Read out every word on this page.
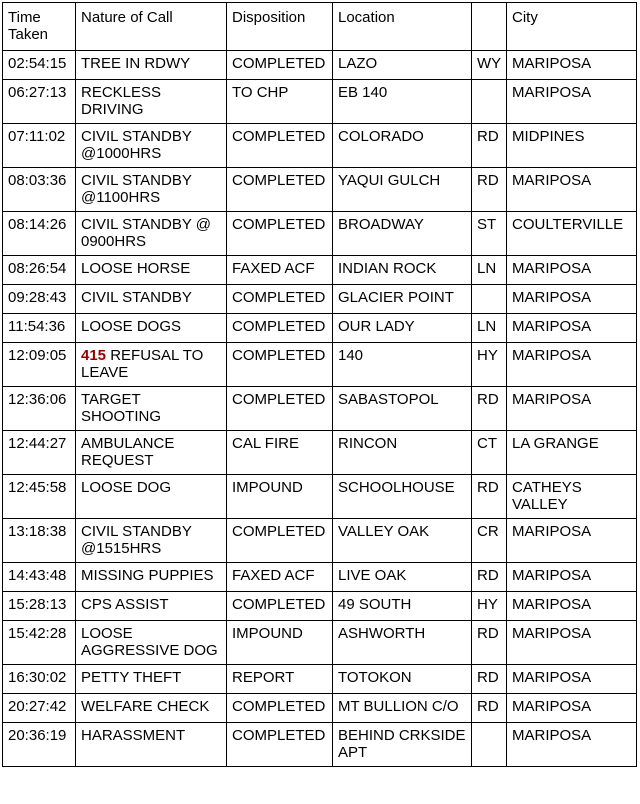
Time Taken	Nature of Call	Disposition	Location		City
02:54:15	TREE IN RDWY	COMPLETED	LAZO	WY	MARIPOSA
06:27:13	RECKLESS DRIVING	TO CHP	EB 140		MARIPOSA
07:11:02	CIVIL STANDBY @1000HRS	COMPLETED	COLORADO	RD	MIDPINES
08:03:36	CIVIL STANDBY @1100HRS	COMPLETED	YAQUI GULCH	RD	MARIPOSA
08:14:26	CIVIL STANDBY @ 0900HRS	COMPLETED	BROADWAY	ST	COULTERVILLE
08:26:54	LOOSE HORSE	FAXED ACF	INDIAN ROCK	LN	MARIPOSA
09:28:43	CIVIL STANDBY	COMPLETED	GLACIER POINT		MARIPOSA
11:54:36	LOOSE DOGS	COMPLETED	OUR LADY	LN	MARIPOSA
12:09:05	415 REFUSAL TO LEAVE	COMPLETED	140	HY	MARIPOSA
12:36:06	TARGET SHOOTING	COMPLETED	SABASTOPOL	RD	MARIPOSA
12:44:27	AMBULANCE REQUEST	CAL FIRE	RINCON	CT	LA GRANGE
12:45:58	LOOSE DOG	IMPOUND	SCHOOLHOUSE	RD	CATHEYS VALLEY
13:18:38	CIVIL STANDBY @1515HRS	COMPLETED	VALLEY OAK	CR	MARIPOSA
14:43:48	MISSING PUPPIES	FAXED ACF	LIVE OAK	RD	MARIPOSA
15:28:13	CPS ASSIST	COMPLETED	49 SOUTH	HY	MARIPOSA
15:42:28	LOOSE AGGRESSIVE DOG	IMPOUND	ASHWORTH	RD	MARIPOSA
16:30:02	PETTY THEFT	REPORT	TOTOKON	RD	MARIPOSA
20:27:42	WELFARE CHECK	COMPLETED	MT BULLION C/O	RD	MARIPOSA
20:36:19	HARASSMENT	COMPLETED	BEHIND CRKSIDE APT		MARIPOSA
